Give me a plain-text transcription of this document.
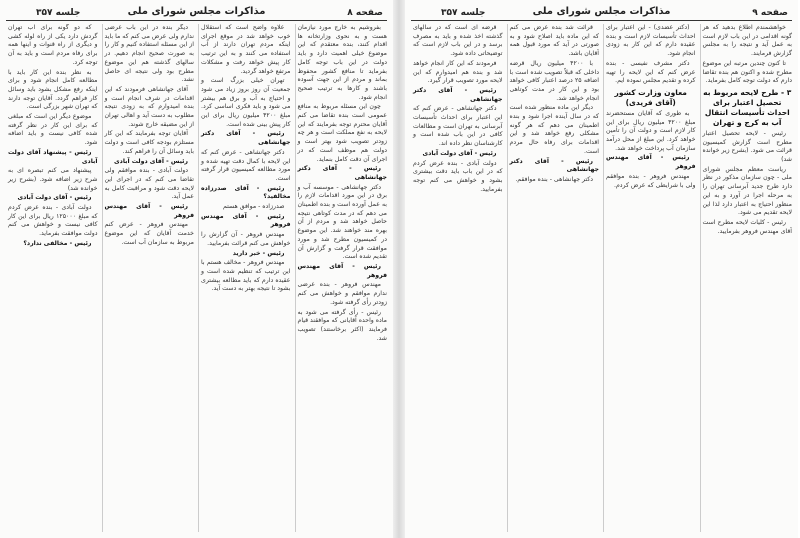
صفحه ۸
مذاکرات مجلس شورای ملی
جلسه ۳۵۷

بفروشیم به خارج مورد نیازمان هست و به نحوی وزارتخانه ها اقدام کنند، بنده معتقدم که این موضوع خیلی اهمیت دارد و باید دولت در این باب توجه کامل بفرماید تا منافع کشور محفوظ بماند و مردم از این جهت آسوده باشند و کارها به ترتیب صحیح انجام شود.

چون این مسئله مربوط به منافع عمومی است بنده تقاضا می کنم آقایان محترم توجه بفرمایند که این لایحه به نفع مملکت است و هر چه زودتر تصویب شود بهتر است و دولت هم موظف است که در اجرای آن دقت کامل بنماید.

رئیس - آقای دکتر جهانشاهی

دکتر جهانشاهی - موسسه آب و برق در این مورد اقدامات لازم را به عمل آورده است و بنده اطمینان می دهم که در مدت کوتاهی نتیجه حاصل خواهد شد و مردم از آن بهره مند خواهند شد. این موضوع در کمیسیون مطرح شد و مورد موافقت قرار گرفت و گزارش آن تقدیم شده است.

رئیس - آقای مهندس فروهر

مهندس فروهر - بنده عرضی ندارم موافقم و خواهش می کنم زودتر رأی گرفته شود.

رئیس - رأی گرفته می شود به ماده واحده آقایانی که موافقند قیام فرمایند (اکثر برخاستند) تصویب شد.

علاوه واضح است که استقلال خوب خواهد شد در موقع اجرای اینکه مردم تهران دارند از آب استفاده می کنند و به این ترتیب کار پیش خواهد رفت و مشکلات مرتفع خواهد گردید.

تهران خیلی بزرگ است و جمعیت آن روز بروز زیاد می شود و احتیاج به آب و برق هم بیشتر می شود و باید فکری اساسی کرد. مبلغ ۴۲۰۰ میلیون ریال برای این کار پیش بینی شده است.

رئیس - آقای دکتر جهانشاهی

دکتر جهانشاهی - عرض کنم که این لایحه با کمال دقت تهیه شده و مورد مطالعه کمیسیون قرار گرفته است.

رئیس - آقای صدرزاده مخالفید؟

صدرزاده - موافق هستم

رئیس - آقای مهندس فروهر

مهندس فروهر - آن گزارش را خواهش می کنم قرائت بفرمایید.

رئیس - خبر دارید

مهندس فروهر - مخالف هستم با این ترتیب که تنظیم شده است و عقیده دارم که باید مطالعه بیشتری بشود تا نتیجه بهتر به دست آید.

دیگر بنده در این باب عرضی ندارم ولی عرض می کنم که ما باید از این مسئله استفاده کنیم و کار را به صورت صحیح انجام دهیم. در سالهای گذشته هم این موضوع مطرح بود ولی نتیجه ای حاصل نشد.

آقای جهانشاهی فرمودند که این اقدامات در شرف انجام است و بنده امیدوارم که به زودی نتیجه مطلوب به دست آید و اهالی تهران از این مضیقه خارج شوند.

آقایان توجه بفرمایند که این کار مستلزم بودجه کافی است و دولت باید وسائل آن را فراهم کند.

رئیس - آقای دولت آبادی

دولت آبادی - بنده موافقم ولی تقاضا می کنم که در اجرای این لایحه دقت شود و مراقبت کامل به عمل آید.

رئیس - آقای مهندس فروهر

مهندس فروهر - عرض کنم خدمت آقایان که این موضوع مربوط به سازمان آب است.

که دو گونه برای آب تهران گردش دارد یکی از راه لوله کشی و دیگری از راه قنوات و اینها همه برای رفاه مردم است و باید به آن توجه کرد.

به نظر بنده این کار باید با مطالعه کامل انجام شود و برای اینکه رفع مشکل بشود باید وسائل کار فراهم گردد. آقایان توجه دارند که تهران شهر بزرگی است.

موضوع دیگر این است که مبلغی که برای این کار در نظر گرفته شده کافی نیست و باید اضافه شود.

رئیس - پیشنهاد آقای دولت آبادی

پیشنهاد می کنم تبصره ای به شرح زیر اضافه شود. (بشرح زیر خوانده شد)

رئیس - آقای دولت آبادی

دولت آبادی - بنده عرض کردم که مبلغ ۱۲۵۰۰۰ ریال برای این کار کافی نیست و خواهش می کنم دولت موافقت بفرماید.

رئیس - مخالفی ندارد؟

صفحه ۹
مذاکرات مجلس شورای ملی
جلسه ۳۵۷

خواهشمندم اطلاع بدهید که هر گونه اقدامی در این باب لازم است به عمل آید و نتیجه را به مجلس گزارش فرمایند.

تا کنون چندین مرتبه این موضوع مطرح شده و اکنون هم بنده تقاضا دارم که دولت توجه کامل بفرماید.

۳ - طرح لایحه مربوط به تحصیل اعتبار برای احداث تأسیسات انتقال آب به کرج و تهران

رئیس - لایحه تحصیل اعتبار مطرح است گزارش کمیسیون قرائت می شود. (بشرح زیر خوانده شد)

ریاست معظم مجلس شورای ملی - چون سازمان مذکور در نظر دارد طرح جدید آبرسانی تهران را به مرحله اجرا در آورد و به این منظور احتیاج به اعتبار دارد لذا این لایحه تقدیم می شود.

رئیس - کلیات لایحه مطرح است آقای مهندس فروهر بفرمایید.

(دکتر عضدی) - این اعتبار برای احداث تأسیسات لازم است و بنده عقیده دارم که این کار به زودی انجام شود.

دکتر مشرف نفیسی - بنده عرض کنم که این لایحه را تهیه کرده و تقدیم مجلس نموده ایم.

معاون وزارت کشور (آقای فریدی)

به طوری که آقایان مستحضرند مبلغ ۴۲۰۰ میلیون ریال برای این کار لازم است و دولت آن را تأمین خواهد کرد. این مبلغ از محل درآمد سازمان آب پرداخت خواهد شد.

رئیس - آقای مهندس فروهر

مهندس فروهر - بنده موافقم ولی با شرایطی که عرض کردم.

قرائت شد بنده عرض می کنم که این ماده باید اصلاح شود و به صورتی در آید که مورد قبول همه آقایان باشد.

با ۴۲۰۰ میلیون ریال قرضه داخلی که قبلاً تصویب شده است با اضافه ۲۵ درصد اعتبار کافی خواهد بود و این کار در مدت کوتاهی انجام خواهد شد.

دیگر این ماده منظور شده است که در سال آینده اجرا شود و بنده اطمینان می دهم که هر گونه مشکلی رفع خواهد شد و این اقدامات برای رفاه حال مردم است.

رئیس - آقای دکتر جهانشاهی

دکتر جهانشاهی - بنده موافقم.

قرضه ای است که در سالهای گذشته اخذ شده و باید به مصرف برسد و در این باب لازم است که توضیحاتی داده شود.

فرمودند که این کار انجام خواهد شد و بنده هم امیدوارم که این لایحه مورد تصویب قرار گیرد.

رئیس - آقای دکتر جهانشاهی

دکتر جهانشاهی - عرض کنم که این اعتبار برای احداث تأسیسات آبرسانی به تهران است و مطالعات کافی در این باب شده است و کارشناسان نظر داده اند.

رئیس - آقای دولت آبادی

دولت آبادی - بنده عرض کردم که در این باب باید دقت بیشتری بشود و خواهش می کنم توجه بفرمایید.
